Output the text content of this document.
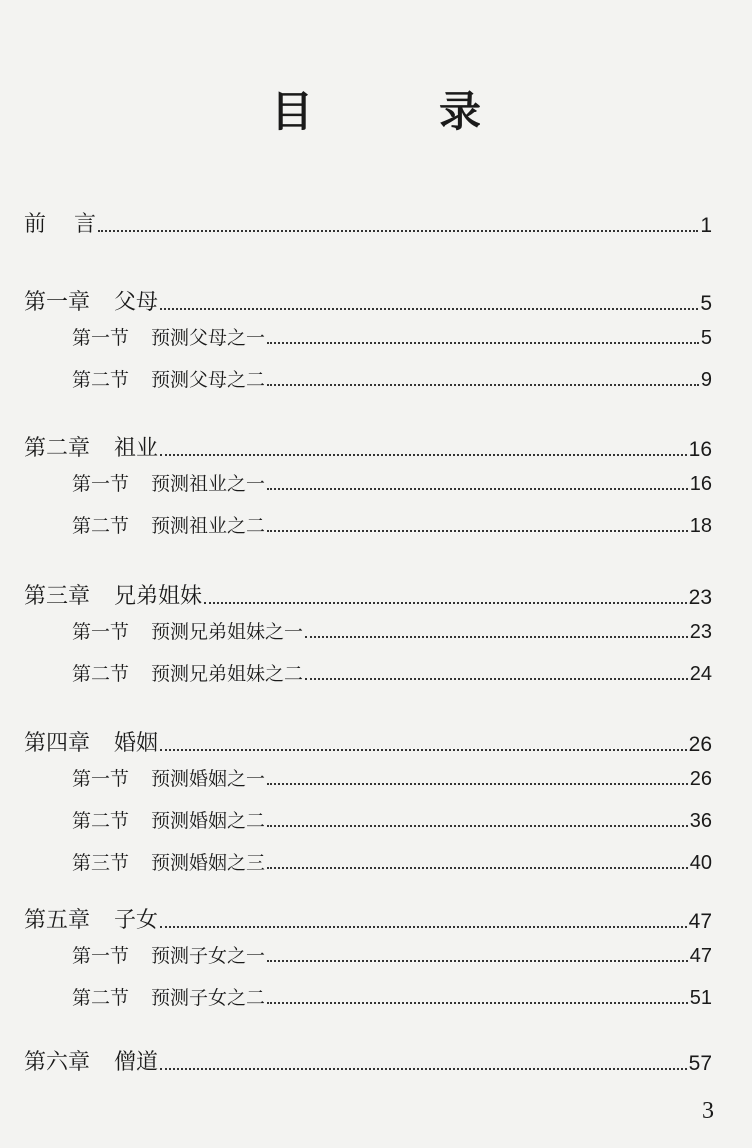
目　录
前言	1
第一章 父母	5
第一节 预测父母之一	5
第二节 预测父母之二	9
第二章 祖业	16
第一节 预测祖业之一	16
第二节 预测祖业之二	18
第三章 兄弟姐妹	23
第一节 预测兄弟姐妹之一	23
第二节 预测兄弟姐妹之二	24
第四章 婚姻	26
第一节 预测婚姻之一	26
第二节 预测婚姻之二	36
第三节 预测婚姻之三	40
第五章 子女	47
第一节 预测子女之一	47
第二节 预测子女之二	51
第六章 僧道	57
3
